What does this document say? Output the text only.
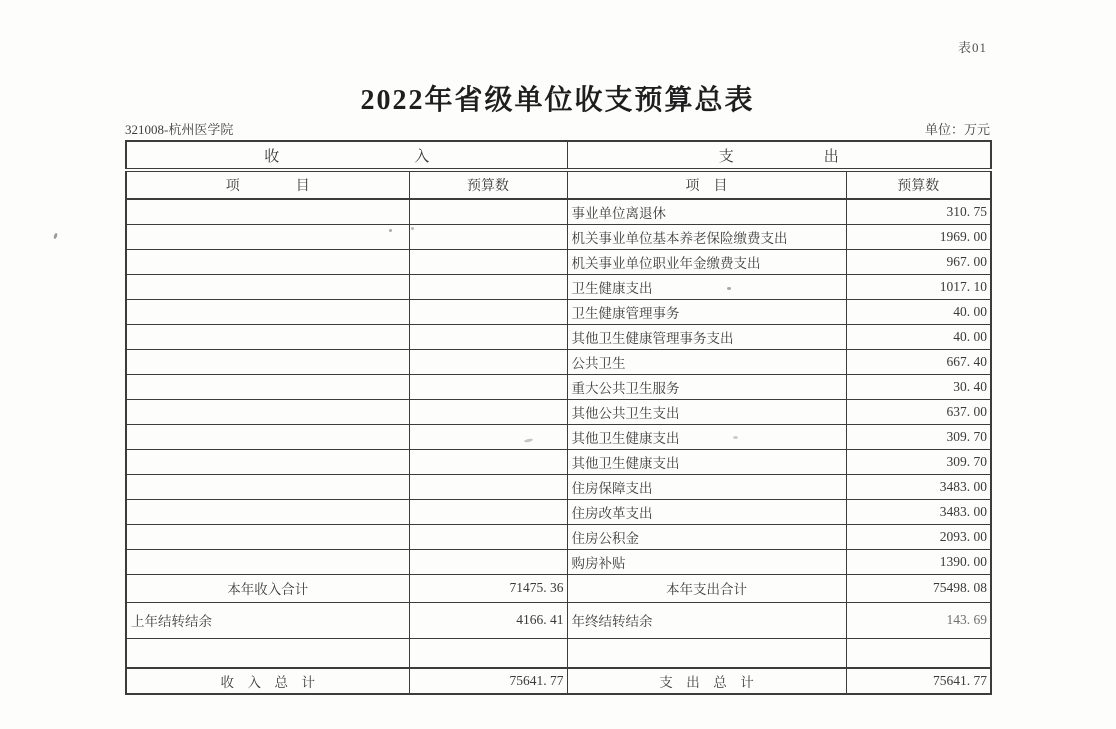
表01
2022年省级单位收支预算总表
321008-杭州医学院	单位：万元
收　　　　　　　　　入		支　　　　　　出	
项　　　　目	预算数	项　目	预算数
		事业单位离退休	310. 75
		机关事业单位基本养老保险缴费支出	1969. 00
		机关事业单位职业年金缴费支出	967. 00
		卫生健康支出	1017. 10
		卫生健康管理事务	40. 00
		其他卫生健康管理事务支出	40. 00
		公共卫生	667. 40
		重大公共卫生服务	30. 40
		其他公共卫生支出	637. 00
		其他卫生健康支出	309. 70
		其他卫生健康支出	309. 70
		住房保障支出	3483. 00
		住房改革支出	3483. 00
		住房公积金	2093. 00
		购房补贴	1390. 00
本年收入合计	71475. 36	本年支出合计	75498. 08
上年结转结余	4166. 41	年终结转结余	143. 69

收　入　总　计	75641. 77	支　出　总　计	75641. 77
